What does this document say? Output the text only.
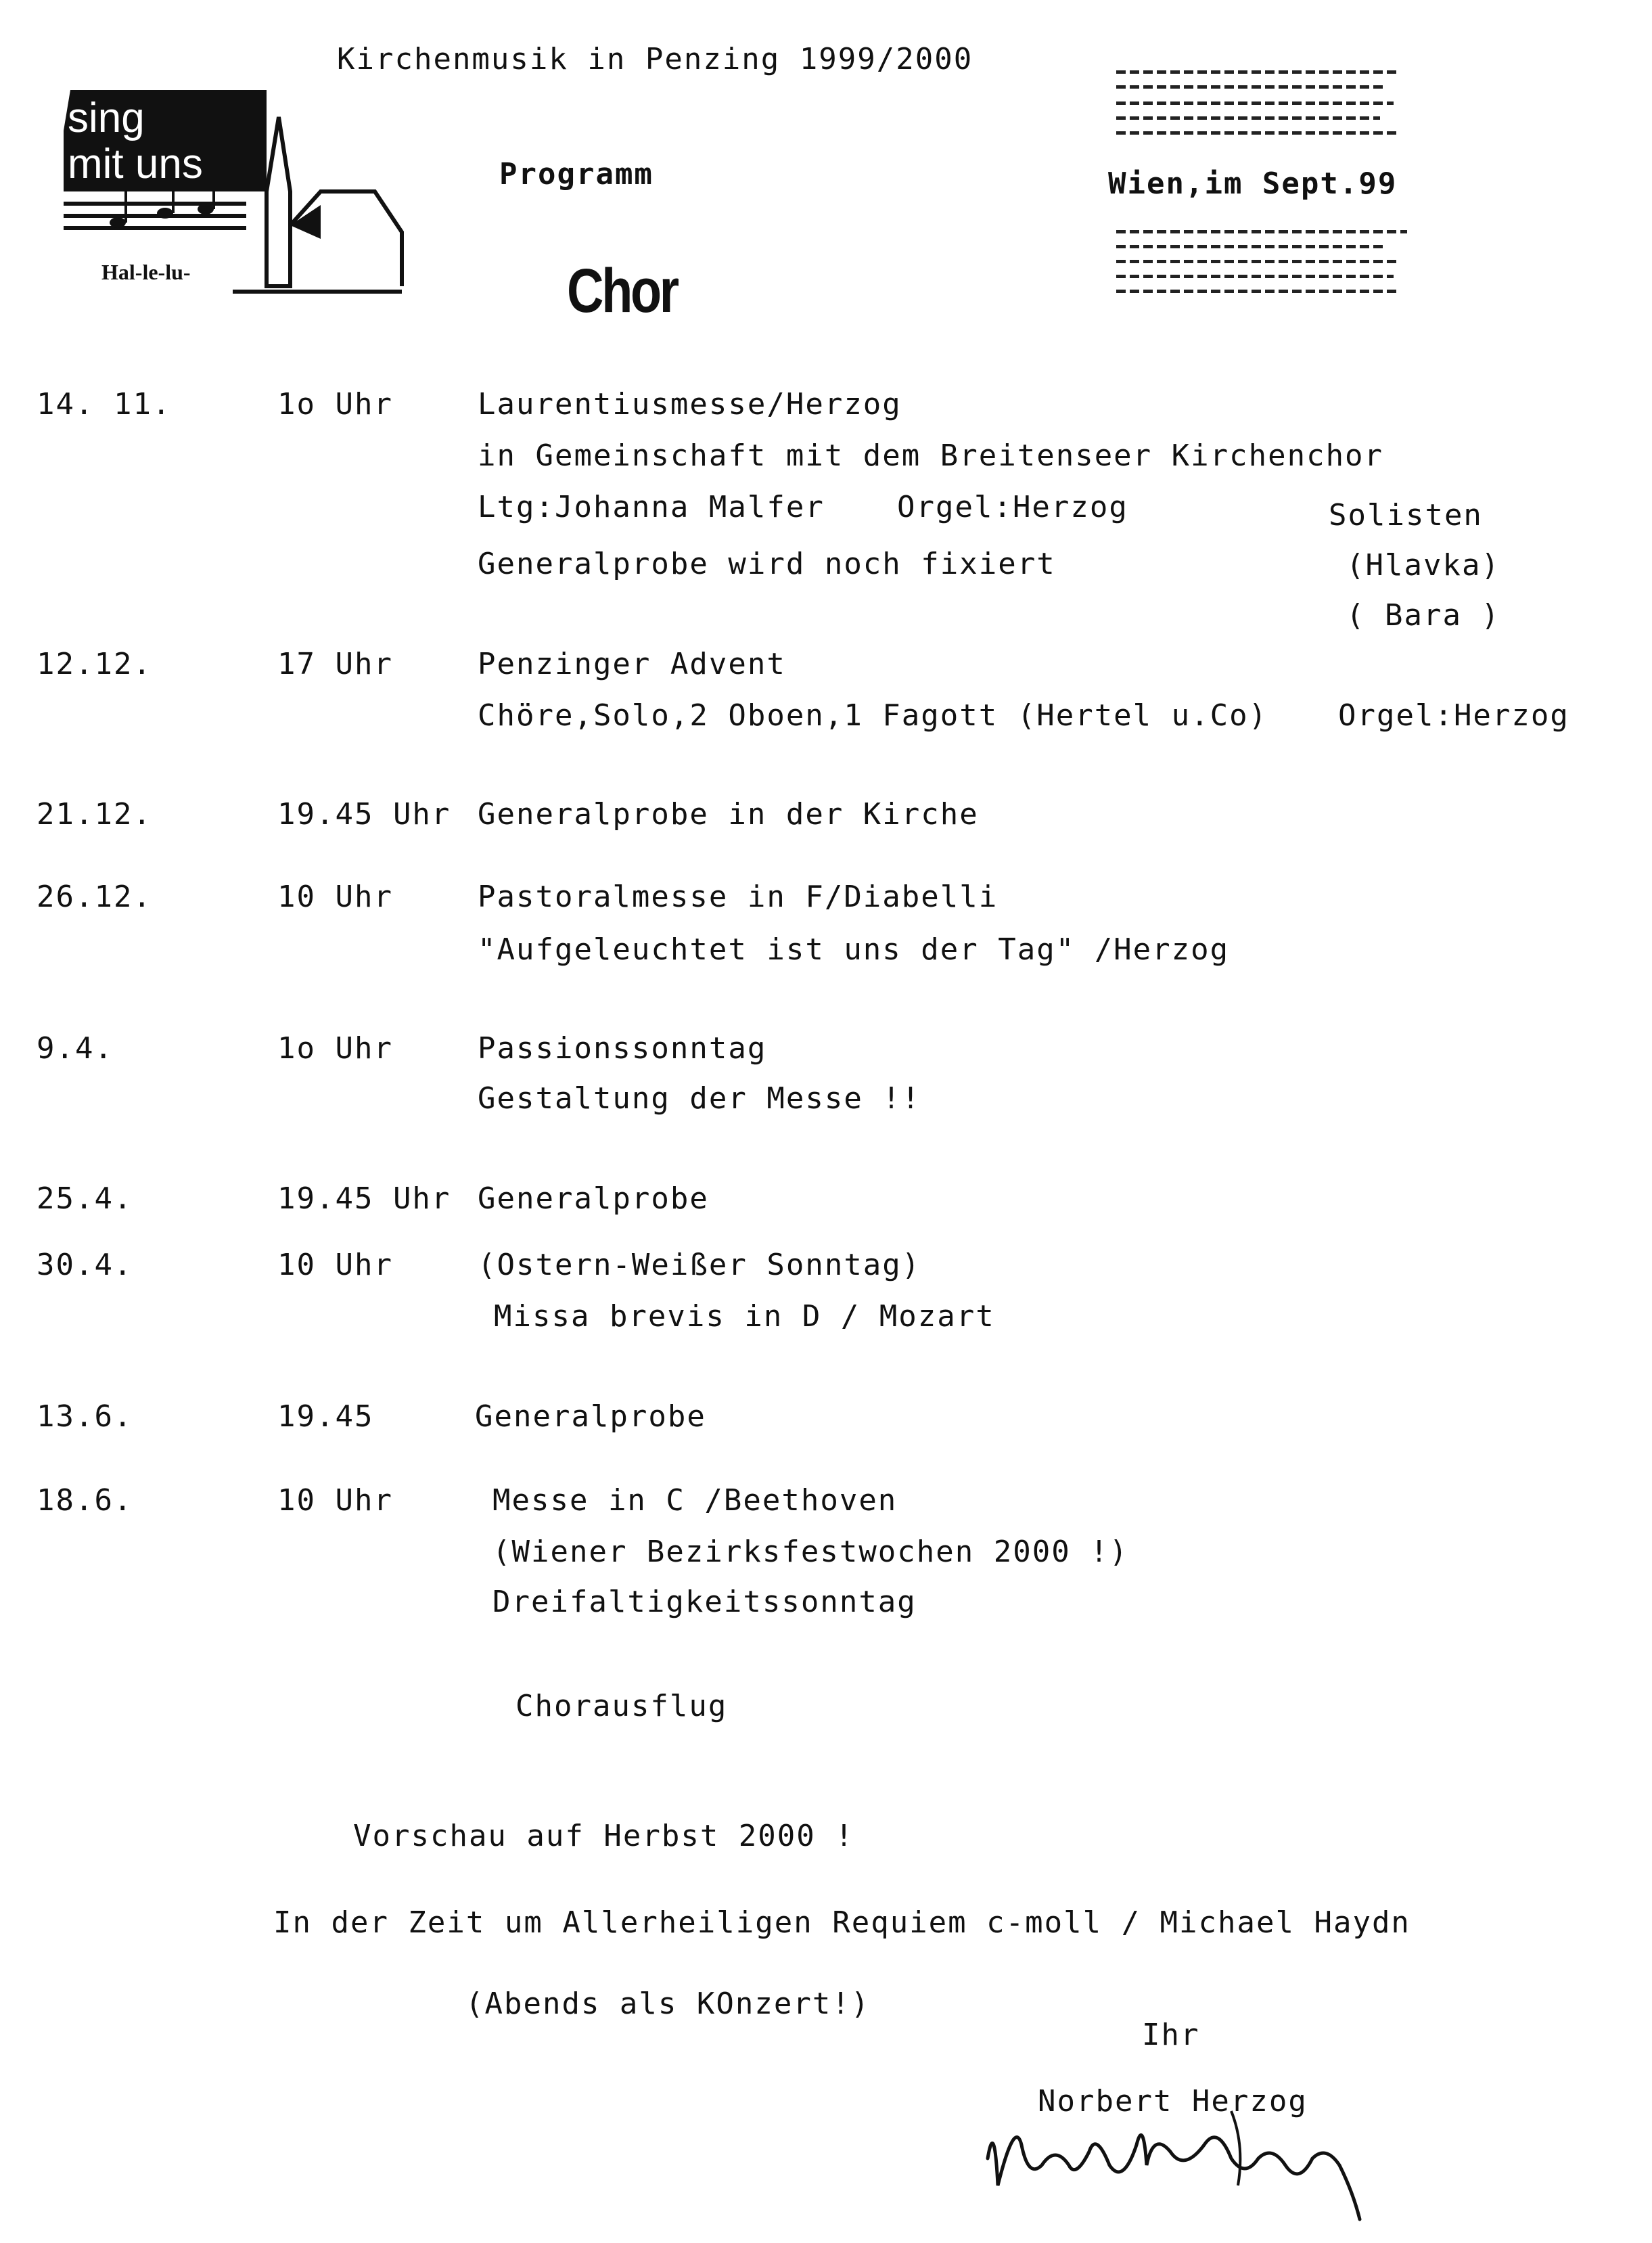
Kirchenmusik in Penzing 1999/2000
Programm
Chor
Wien,im Sept.99
sing
mit uns
Hal-le-lu-
14. 11.	1o Uhr	Laurentiusmesse/Herzog
in Gemeinschaft mit dem Breitenseer Kirchenchor
Ltg:Johanna Malfer
Generalprobe wird noch fixiert
Orgel:Herzog	Solisten
(Hlavka)
( Bara )
12.12.	17 Uhr	Penzinger Advent
Chöre,Solo,2 Oboen,1 Fagott (Hertel u.Co) Orgel:Herzog
21.12.	19.45 Uhr Generalprobe in der Kirche
26.12.	10 Uhr	Pastoralmesse in F/Diabelli
"Aufgeleuchtet ist uns der Tag" /Herzog
9.4.	1o Uhr	Passionssonntag
Gestaltung der Messe !!
25.4.	19.45 Uhr Generalprobe
30.4.	10 Uhr	(Ostern-Weißer Sonntag)
Missa brevis in D / Mozart
13.6.	19.45	Generalprobe
18.6.	10 Uhr	Messe in C /Beethoven
(Wiener Bezirksfestwochen 2000 !)
Dreifaltigkeitssonntag
Chorausflug
Vorschau auf Herbst 2000 !
In der Zeit um Allerheiligen Requiem c-moll / Michael Haydn
(Abends als KOnzert!)
Ihr
Norbert Herzog
